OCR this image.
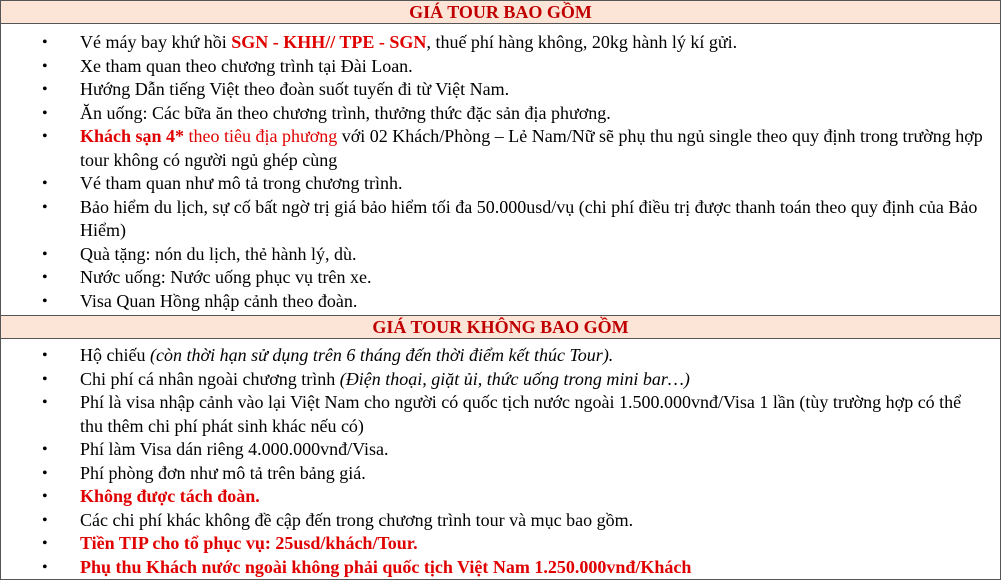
GIÁ TOUR BAO GỒM
• Vé máy bay khứ hồi SGN - KHH// TPE - SGN, thuế phí hàng không, 20kg hành lý kí gửi.
• Xe tham quan theo chương trình tại Đài Loan.
• Hướng Dẫn tiếng Việt theo đoàn suốt tuyến đi từ Việt Nam.
• Ăn uống: Các bữa ăn theo chương trình, thưởng thức đặc sản địa phương.
• Khách sạn 4* theo tiêu địa phương với 02 Khách/Phòng – Lẻ Nam/Nữ sẽ phụ thu ngủ single theo quy định trong trường hợp tour không có người ngủ ghép cùng
• Vé tham quan như mô tả trong chương trình.
• Bảo hiểm du lịch, sự cố bất ngờ trị giá bảo hiểm tối đa 50.000usd/vụ (chi phí điều trị được thanh toán theo quy định của Bảo Hiểm)
• Quà tặng: nón du lịch, thẻ hành lý, dù.
• Nước uống: Nước uống phục vụ trên xe.
• Visa Quan Hồng nhập cảnh theo đoàn.
GIÁ TOUR KHÔNG BAO GỒM
• Hộ chiếu (còn thời hạn sử dụng trên 6 tháng đến thời điểm kết thúc Tour).
• Chi phí cá nhân ngoài chương trình (Điện thoại, giặt ủi, thức uống trong mini bar…)
• Phí là visa nhập cảnh vào lại Việt Nam cho người có quốc tịch nước ngoài 1.500.000vnđ/Visa 1 lần (tùy trường hợp có thể thu thêm chi phí phát sinh khác nếu có)
• Phí làm Visa dán riêng 4.000.000vnđ/Visa.
• Phí phòng đơn như mô tả trên bảng giá.
• Không được tách đoàn.
• Các chi phí khác không đề cập đến trong chương trình tour và mục bao gồm.
• Tiền TIP cho tổ phục vụ: 25usd/khách/Tour.
• Phụ thu Khách nước ngoài không phải quốc tịch Việt Nam 1.250.000vnđ/Khách
